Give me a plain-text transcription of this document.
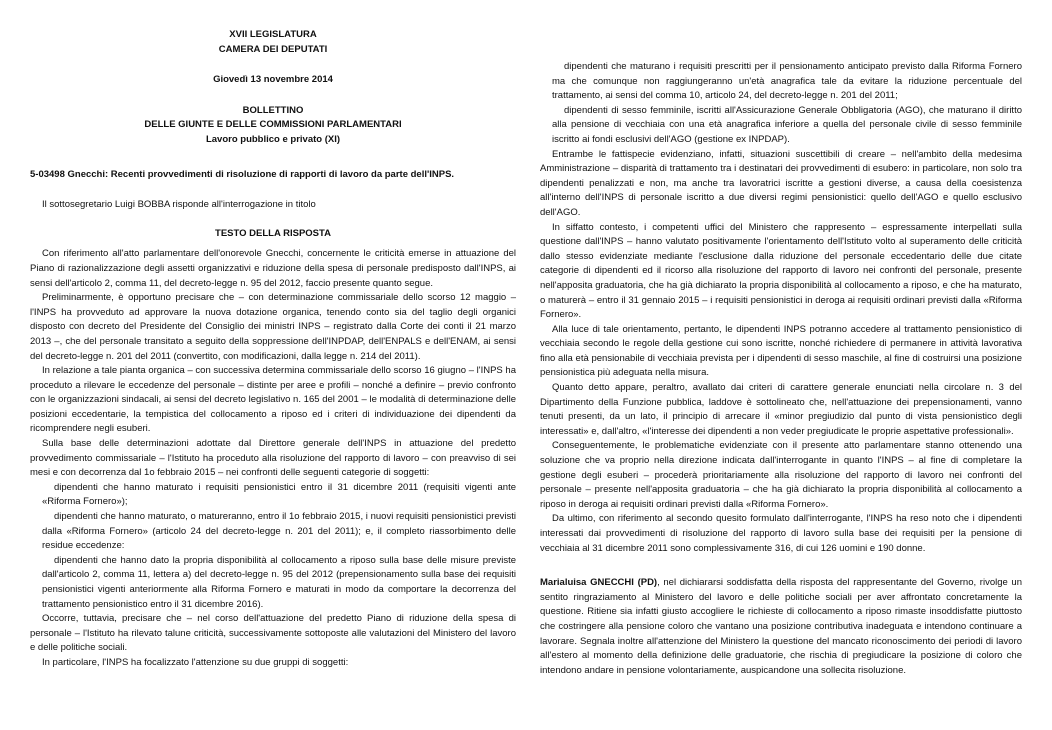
XVII LEGISLATURA

CAMERA DEI DEPUTATI

Giovedì 13 novembre 2014

BOLLETTINO

DELLE GIUNTE E DELLE COMMISSIONI PARLAMENTARI

Lavoro pubblico e privato (XI)

5-03498 Gnecchi: Recenti provvedimenti di risoluzione di rapporti di lavoro da parte dell'INPS.

Il sottosegretario Luigi BOBBA risponde all'interrogazione in titolo

TESTO DELLA RISPOSTA

Con riferimento all'atto parlamentare dell'onorevole Gnecchi, concernente le criticità emerse in attuazione del Piano di razionalizzazione degli assetti organizzativi e riduzione della spesa di personale predisposto dall'INPS, ai sensi dell'articolo 2, comma 11, del decreto-legge n. 95 del 2012, faccio presente quanto segue.

Preliminarmente, è opportuno precisare che – con determinazione commissariale dello scorso 12 maggio – l'INPS ha provveduto ad approvare la nuova dotazione organica, tenendo conto sia del taglio degli organici disposto con decreto del Presidente del Consiglio dei ministri INPS – registrato dalla Corte dei conti il 21 marzo 2013 –, che del personale transitato a seguito della soppressione dell'INPDAP, dell'ENPALS e dell'ENAM, ai sensi del decreto-legge n. 201 del 2011 (convertito, con modificazioni, dalla legge n. 214 del 2011).

In relazione a tale pianta organica – con successiva determina commissariale dello scorso 16 giugno – l'INPS ha proceduto a rilevare le eccedenze del personale – distinte per aree e profili – nonché a definire – previo confronto con le organizzazioni sindacali, ai sensi del decreto legislativo n. 165 del 2001 – le modalità di determinazione delle posizioni eccedentarie, la tempistica del collocamento a riposo ed i criteri di individuazione dei dipendenti da ricomprendere negli esuberi.

Sulla base delle determinazioni adottate dal Direttore generale dell'INPS in attuazione del predetto provvedimento commissariale – l'Istituto ha proceduto alla risoluzione del rapporto di lavoro – con preavviso di sei mesi e con decorrenza dal 1o febbraio 2015 – nei confronti delle seguenti categorie di soggetti:

dipendenti che hanno maturato i requisiti pensionistici entro il 31 dicembre 2011 (requisiti vigenti ante «Riforma Fornero»);

dipendenti che hanno maturato, o matureranno, entro il 1o febbraio 2015, i nuovi requisiti pensionistici previsti dalla «Riforma Fornero» (articolo 24 del decreto-legge n. 201 del 2011); e, il completo riassorbimento delle residue eccedenze:

dipendenti che hanno dato la propria disponibilità al collocamento a riposo sulla base delle misure previste dall'articolo 2, comma 11, lettera a) del decreto-legge n. 95 del 2012 (prepensionamento sulla base dei requisiti pensionistici vigenti anteriormente alla Riforma Fornero e maturati in modo da comportare la decorrenza del trattamento pensionistico entro il 31 dicembre 2016).

Occorre, tuttavia, precisare che – nel corso dell'attuazione del predetto Piano di riduzione della spesa di personale – l'Istituto ha rilevato talune criticità, successivamente sottoposte alle valutazioni del Ministero del lavoro e delle politiche sociali.

In particolare, l'INPS ha focalizzato l'attenzione su due gruppi di soggetti:

dipendenti che maturano i requisiti prescritti per il pensionamento anticipato previsto dalla Riforma Fornero ma che comunque non raggiungeranno un'età anagrafica tale da evitare la riduzione percentuale del trattamento, ai sensi del comma 10, articolo 24, del decreto-legge n. 201 del 2011;

dipendenti di sesso femminile, iscritti all'Assicurazione Generale Obbligatoria (AGO), che maturano il diritto alla pensione di vecchiaia con una età anagrafica inferiore a quella del personale civile di sesso femminile iscritto ai fondi esclusivi dell'AGO (gestione ex INPDAP).

Entrambe le fattispecie evidenziano, infatti, situazioni suscettibili di creare – nell'ambito della medesima Amministrazione – disparità di trattamento tra i destinatari dei provvedimenti di esubero: in particolare, non solo tra dipendenti penalizzati e non, ma anche tra lavoratrici iscritte a gestioni diverse, a causa della coesistenza all'interno dell'INPS di personale iscritto a due diversi regimi pensionistici: quello dell'AGO e quello esclusivo dell'AGO.

In siffatto contesto, i competenti uffici del Ministero che rappresento – espressamente interpellati sulla questione dall'INPS – hanno valutato positivamente l'orientamento dell'Istituto volto al superamento delle criticità dallo stesso evidenziate mediante l'esclusione dalla riduzione del personale eccedentario delle due citate categorie di dipendenti ed il ricorso alla risoluzione del rapporto di lavoro nei confronti del personale, presente nell'apposita graduatoria, che ha già dichiarato la propria disponibilità al collocamento a riposo, e che ha maturato, o maturerà – entro il 31 gennaio 2015 – i requisiti pensionistici in deroga ai requisiti ordinari previsti dalla «Riforma Fornero».

Alla luce di tale orientamento, pertanto, le dipendenti INPS potranno accedere al trattamento pensionistico di vecchiaia secondo le regole della gestione cui sono iscritte, nonché richiedere di permanere in attività lavorativa fino alla età pensionabile di vecchiaia prevista per i dipendenti di sesso maschile, al fine di costruirsi una posizione pensionistica più adeguata nella misura.

Quanto detto appare, peraltro, avallato dai criteri di carattere generale enunciati nella circolare n. 3 del Dipartimento della Funzione pubblica, laddove è sottolineato che, nell'attuazione dei prepensionamenti, vanno tenuti presenti, da un lato, il principio di arrecare il «minor pregiudizio dal punto di vista pensionistico degli interessati» e, dall'altro, «l'interesse dei dipendenti a non veder pregiudicate le proprie aspettative professionali».

Conseguentemente, le problematiche evidenziate con il presente atto parlamentare stanno ottenendo una soluzione che va proprio nella direzione indicata dall'interrogante in quanto l'INPS – al fine di completare la gestione degli esuberi – procederà prioritariamente alla risoluzione del rapporto di lavoro nei confronti del personale – presente nell'apposita graduatoria – che ha già dichiarato la propria disponibilità al collocamento a riposo in deroga ai requisiti ordinari previsti dalla «Riforma Fornero».

Da ultimo, con riferimento al secondo quesito formulato dall'interrogante, l'INPS ha reso noto che i dipendenti interessati dai provvedimenti di risoluzione del rapporto di lavoro sulla base dei requisiti per la pensione di vecchiaia al 31 dicembre 2011 sono complessivamente 316, di cui 126 uomini e 190 donne.

Marialuisa GNECCHI (PD), nel dichiararsi soddisfatta della risposta del rappresentante del Governo, rivolge un sentito ringraziamento al Ministero del lavoro e delle politiche sociali per aver affrontato concretamente la questione. Ritiene sia infatti giusto accogliere le richieste di collocamento a riposo rimaste insoddisfatte piuttosto che costringere alla pensione coloro che vantano una posizione contributiva inadeguata e intendono continuare a lavorare. Segnala inoltre all'attenzione del Ministero la questione del mancato riconoscimento dei periodi di lavoro all'estero al momento della definizione delle graduatorie, che rischia di pregiudicare la posizione di coloro che intendono andare in pensione volontariamente, auspicandone una sollecita risoluzione.
